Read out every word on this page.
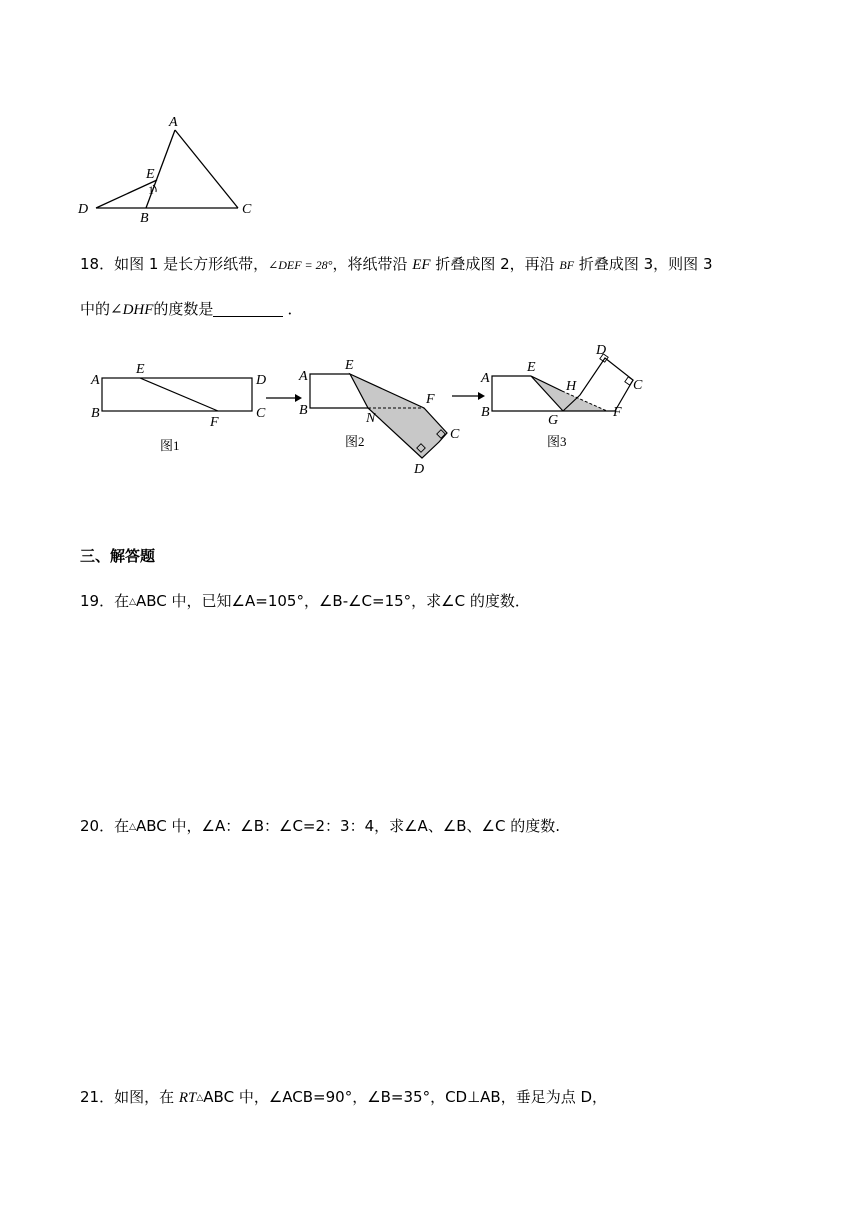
A
E
1
D
B
C
18．如图 1 是长方形纸带，∠DEF = 28°，将纸带沿 EF 折叠成图 2，再沿 BF 折叠成图 3，则图 3
中的∠DHF的度数是	．
A
B
E
F
D
C
图1
A
B
E
N
F
C
D
图2
A
B
E
H
G
F
D
C
图3
三、解答题
19．在△ABC 中，已知∠A=105°，∠B-∠C=15°，求∠C 的度数．
20．在△ABC 中，∠A：∠B：∠C=2：3：4，求∠A、∠B、∠C 的度数.
21．如图，在 RT△ABC 中，∠ACB=90°，∠B=35°，CD⊥AB，垂足为点 D，
